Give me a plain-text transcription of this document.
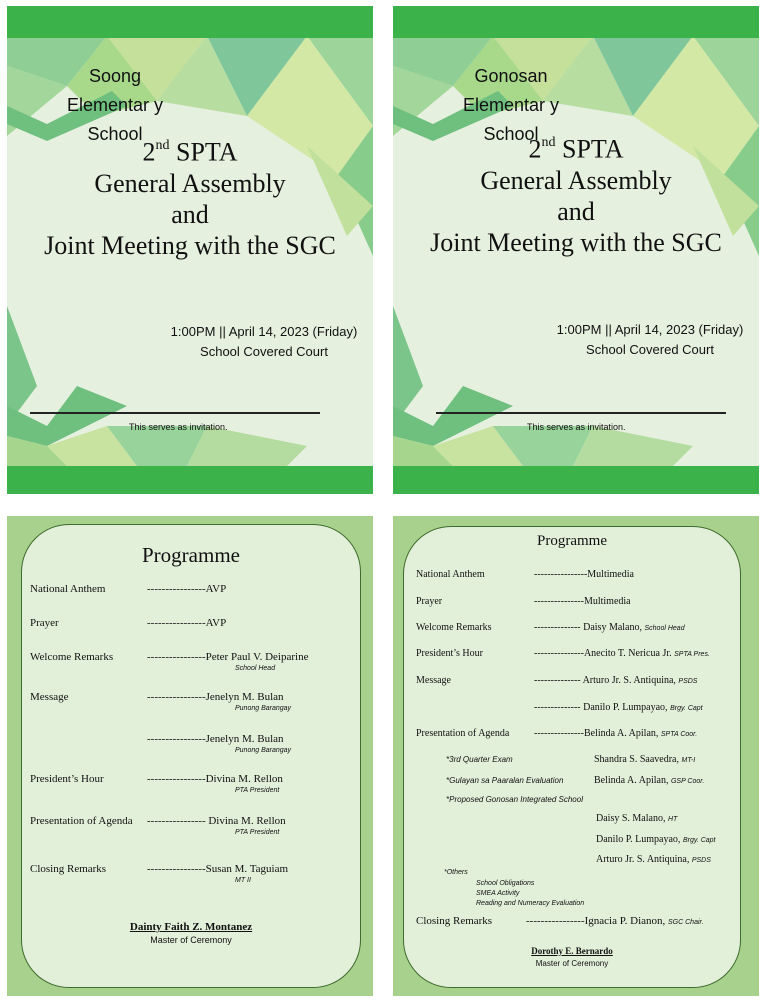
Soong Elementar y School
2nd SPTA
General Assembly
and
Joint Meeting with the SGC
1:00PM || April 14, 2023 (Friday)
School Covered Court
This serves as invitation.
Gonosan Elementar y School
2nd SPTA
General Assembly
and
Joint Meeting with the SGC
1:00PM || April 14, 2023 (Friday)
School Covered Court
This serves as invitation.
Programme
National Anthem	----------------AVP
Prayer	----------------AVP
Welcome Remarks	----------------Peter Paul V. Deiparine
School Head
Message	----------------Jenelyn M. Bulan
Punong Barangay
----------------Jenelyn M. Bulan
Punong Barangay
President’s Hour	----------------Divina M. Rellon
PTA President
Presentation of Agenda ---------------- Divina M. Rellon
PTA President
Closing Remarks	----------------Susan M. Taguiam
MT II
Dainty Faith Z. Montanez
Master of Ceremony
Programme
National Anthem	----------------Multimedia
Prayer	---------------Multimedia
Welcome Remarks	-------------- Daisy Malano, School Head
President’s Hour	---------------Anecito T. Nericua Jr. SPTA Pres.
Message	-------------- Arturo Jr. S. Antiquina, PSDS
-------------- Danilo P. Lumpayao, Brgy. Capt
Presentation of Agenda ---------------Belinda A. Apilan, SPTA Coor.
*3rd Quarter Exam	Shandra S. Saavedra, MT-I
*Gulayan sa Paaralan Evaluation	Belinda A. Apilan, GSP Coor.
*Proposed Gonosan Integrated School
Daisy S. Malano, HT
Danilo P. Lumpayao, Brgy. Capt
Arturo Jr. S. Antiquina, PSDS
*Others
School Obligations
SMEA Activity
Reading and Numeracy Evaluation
Closing Remarks	----------------Ignacia P. Dianon, SGC Chair.
Dorothy E. Bernardo
Master of Ceremony
